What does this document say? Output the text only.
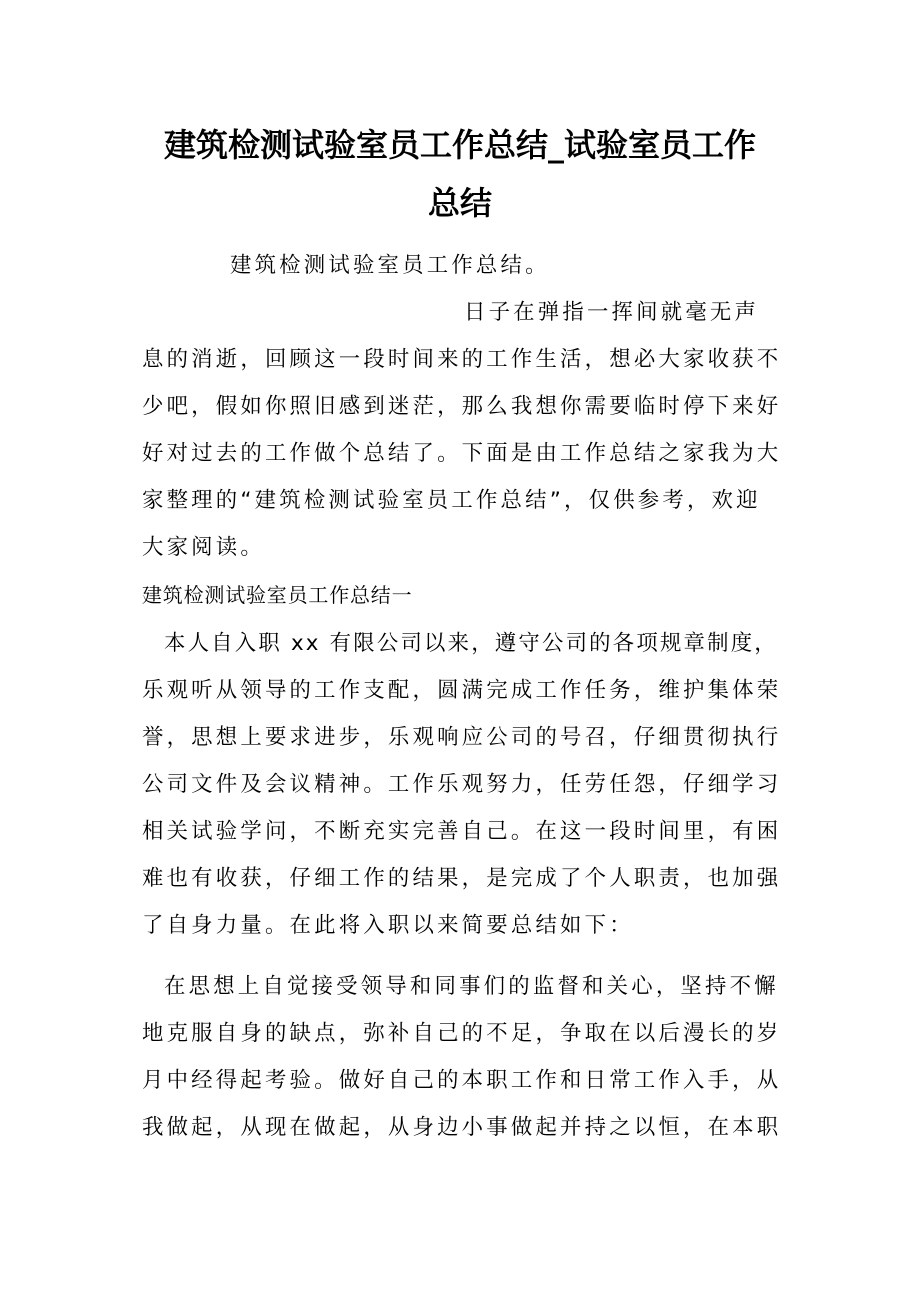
建筑检测试验室员工作总结_试验室员工作
总结

建筑检测试验室员工作总结。

日子在弹指一挥间就毫无声
息的消逝，回顾这一段时间来的工作生活，想必大家收获不
少吧，假如你照旧感到迷茫，那么我想你需要临时停下来好
好对过去的工作做个总结了。下面是由工作总结之家我为大
家整理的“建筑检测试验室员工作总结”，仅供参考，欢迎
大家阅读。
建筑检测试验室员工作总结一
本人自入职 xx 有限公司以来，遵守公司的各项规章制度，
乐观听从领导的工作支配，圆满完成工作任务，维护集体荣
誉，思想上要求进步，乐观响应公司的号召，仔细贯彻执行
公司文件及会议精神。工作乐观努力，任劳任怨，仔细学习
相关试验学问，不断充实完善自己。在这一段时间里，有困
难也有收获，仔细工作的结果，是完成了个人职责，也加强
了自身力量。在此将入职以来简要总结如下：
在思想上自觉接受领导和同事们的监督和关心，坚持不懈
地克服自身的缺点，弥补自己的不足，争取在以后漫长的岁
月中经得起考验。做好自己的本职工作和日常工作入手，从
我做起，从现在做起，从身边小事做起并持之以恒，在本职
